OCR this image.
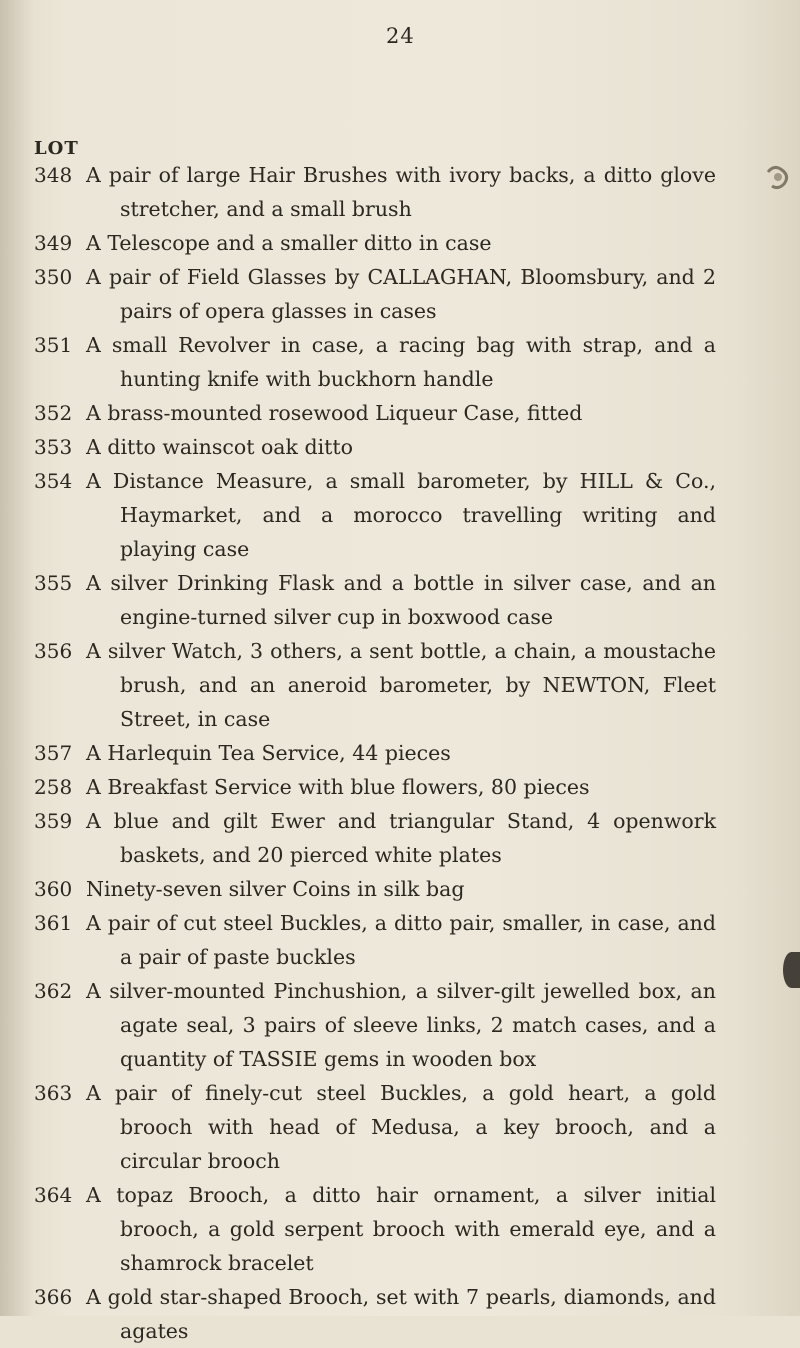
24
LOT
348 A pair of large Hair Brushes with ivory backs, a ditto glove stretcher, and a small brush

349 A Telescope and a smaller ditto in case

350 A pair of Field Glasses by CALLAGHAN, Bloomsbury, and 2 pairs of opera glasses in cases

351 A small Revolver in case, a racing bag with strap, and a hunting knife with buckhorn handle

352 A brass-mounted rosewood Liqueur Case, fitted

353 A ditto wainscot oak ditto

354 A Distance Measure, a small barometer, by HILL & Co., Haymarket, and a morocco travelling writing and playing case

355 A silver Drinking Flask and a bottle in silver case, and an engine-turned silver cup in boxwood case

356 A silver Watch, 3 others, a sent bottle, a chain, a moustache brush, and an aneroid barometer, by NEWTON, Fleet Street, in case

357 A Harlequin Tea Service, 44 pieces

258 A Breakfast Service with blue flowers, 80 pieces

359 A blue and gilt Ewer and triangular Stand, 4 openwork baskets, and 20 pierced white plates

360 Ninety-seven silver Coins in silk bag

361 A pair of cut steel Buckles, a ditto pair, smaller, in case, and a pair of paste buckles

362 A silver-mounted Pinchushion, a silver-gilt jewelled box, an agate seal, 3 pairs of sleeve links, 2 match cases, and a quantity of TASSIE gems in wooden box

363 A pair of finely-cut steel Buckles, a gold heart, a gold brooch with head of Medusa, a key brooch, and a circular brooch

364 A topaz Brooch, a ditto hair ornament, a silver initial brooch, a gold serpent brooch with emerald eye, and a shamrock bracelet

366 A gold star-shaped Brooch, set with 7 pearls, diamonds, and agates
